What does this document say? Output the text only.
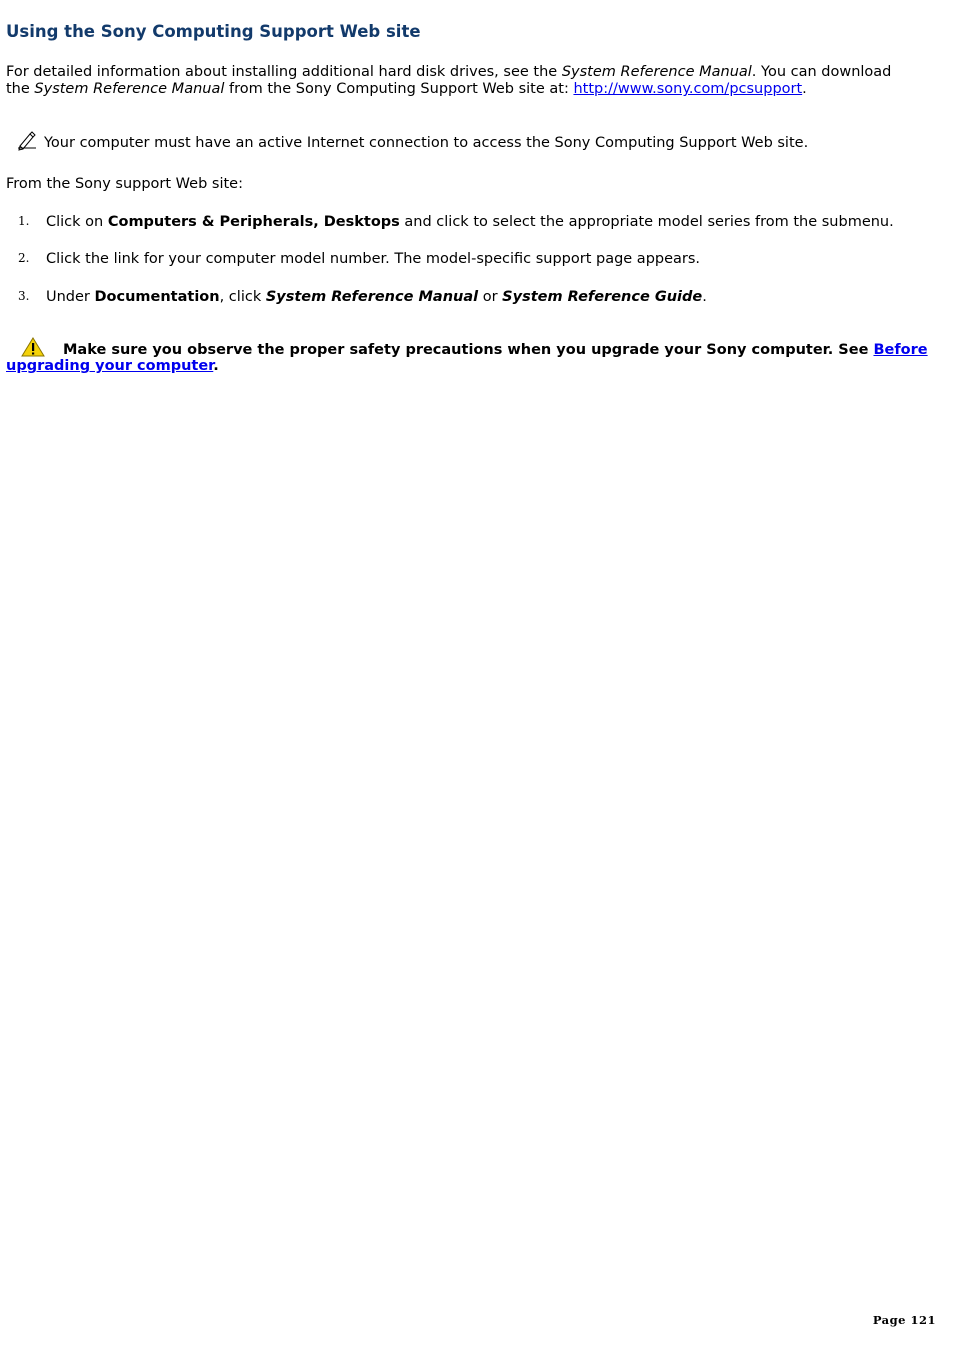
Using the Sony Computing Support Web site
For detailed information about installing additional hard disk drives, see the System Reference Manual. You can download
the System Reference Manual from the Sony Computing Support Web site at: http://www.sony.com/pcsupport.
Your computer must have an active Internet connection to access the Sony Computing Support Web site.
From the Sony support Web site:
1. Click on Computers & Peripherals, Desktops and click to select the appropriate model series from the submenu.
2. Click the link for your computer model number. The model-specific support page appears.
3. Under Documentation, click System Reference Manual or System Reference Guide.
Make sure you observe the proper safety precautions when you upgrade your Sony computer. See Before
upgrading your computer.
Page 121
